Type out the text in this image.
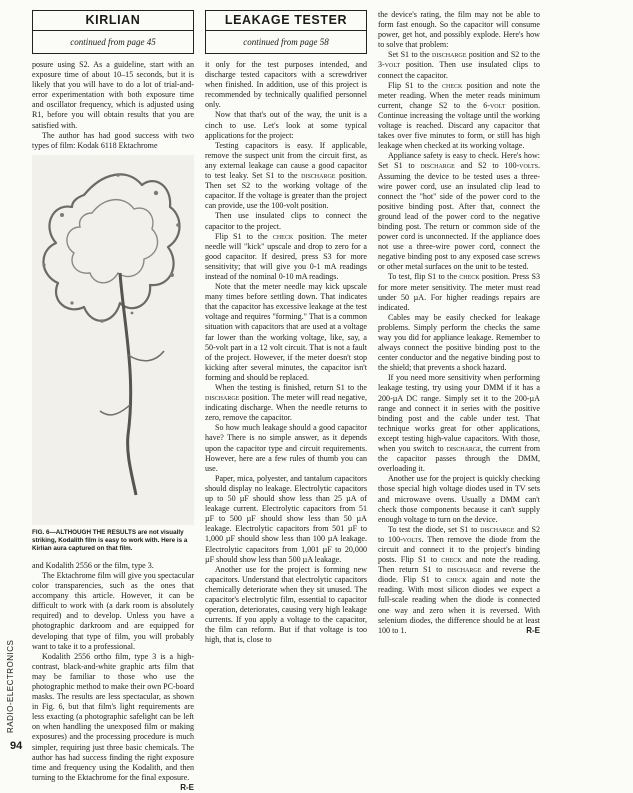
KIRLIAN
continued from page 45

posure using S2. As a guideline, start with an exposure time of about 10–15 seconds, but it is likely that you will have to do a lot of trial-and-error experimentation with both exposure time and oscillator frequency, which is adjusted using R1, before you will obtain results that you are satisfied with.

The author has had good success with two types of film: Kodak 6118 Ektachrome

FIG. 6—ALTHOUGH THE RESULTS are not visually striking, Kodalith film is easy to work with. Here is a Kirlian aura captured on that film.

and Kodalith 2556 or the film, type 3.

The Ektachrome film will give you spectacular color transparencies, such as the ones that accompany this article. However, it can be difficult to work with (a dark room is absolutely required) and to develop. Unless you have a photographic darkroom and are equipped for developing that type of film, you will probably want to take it to a professional.

Kodalith 2556 ortho film, type 3 is a high-contrast, black-and-white graphic arts film that may be familiar to those who use the photographic method to make their own PC-board masks. The results are less spectacular, as shown in Fig. 6, but that film's light requirements are less exacting (a photographic safelight can be left on when handling the unexposed film or making exposures) and the processing procedure is much simpler, requiring just three basic chemicals. The author has had success finding the right exposure time and frequency using the Kodalith, and then turning to the Ektachrome for the final exposure.
R-E

LEAKAGE TESTER
continued from page 58

it only for the test purposes intended, and discharge tested capacitors with a screwdriver when finished. In addition, use of this project is recommended by technically qualified personnel only.

Now that that's out of the way, the unit is a cinch to use. Let's look at some typical applications for the project:

Testing capacitors is easy. If applicable, remove the suspect unit from the circuit first, as any external leakage can cause a good capacitor to test leaky. Set S1 to the discharge position. Then set S2 to the working voltage of the capacitor. If the voltage is greater than the project can provide, use the 100-volt position.

Then use insulated clips to connect the capacitor to the project.

Flip S1 to the check position. The meter needle will "kick" upscale and drop to zero for a good capacitor. If desired, press S3 for more sensitivity; that will give you 0-1 mA readings instead of the nominal 0-10 mA readings.

Note that the meter needle may kick upscale many times before settling down. That indicates that the capacitor has excessive leakage at the test voltage and requires "forming." That is a common situation with capacitors that are used at a voltage far lower than the working voltage, like, say, a 50-volt part in a 12 volt circuit. That is not a fault of the project. However, if the meter doesn't stop kicking after several minutes, the capacitor isn't forming and should be replaced.

When the testing is finished, return S1 to the discharge position. The meter will read negative, indicating discharge. When the needle returns to zero, remove the capacitor.

So how much leakage should a good capacitor have? There is no simple answer, as it depends upon the capacitor type and circuit requirements. However, here are a few rules of thumb you can use.

Paper, mica, polyester, and tantalum capacitors should display no leakage. Electrolytic capacitors up to 50 µF should show less than 25 µA of leakage current. Electrolytic capacitors from 51 µF to 500 µF should show less than 50 µA leakage. Electrolytic capacitors from 501 µF to 1,000 µF should show less than 100 µA leakage. Electrolytic capacitors from 1,001 µF to 20,000 µF should show less than 500 µA leakage.

Another use for the project is forming new capacitors. Understand that electrolytic capacitors chemically deteriorate when they sit unused. The capacitor's electrolytic film, essential to capacitor operation, deteriorates, causing very high leakage currents. If you apply a voltage to the capacitor, the film can reform. But if that voltage is too high, that is, close to

the device's rating, the film may not be able to form fast enough. So the capacitor will consume power, get hot, and possibly explode. Here's how to solve that problem:

Set S1 to the discharge position and S2 to the 3-volt position. Then use insulated clips to connect the capacitor.

Flip S1 to the check position and note the meter reading. When the meter reads minimum current, change S2 to the 6-volt position. Continue increasing the voltage until the working voltage is reached. Discard any capacitor that takes over five minutes to form, or still has high leakage when checked at its working voltage.

Appliance safety is easy to check. Here's how: Set S1 to discharge and S2 to 100-volts. Assuming the device to be tested uses a three-wire power cord, use an insulated clip lead to connect the "hot" side of the power cord to the positive binding post. After that, connect the ground lead of the power cord to the negative binding post. The return or common side of the power cord is unconnected. If the appliance does not use a three-wire power cord, connect the negative binding post to any exposed case screws or other metal surfaces on the unit to be tested.

To test, flip S1 to the check position. Press S3 for more meter sensitivity. The meter must read under 50 µA. For higher readings repairs are indicated.

Cables may be easily checked for leakage problems. Simply perform the checks the same way you did for appliance leakage. Remember to always connect the positive binding post to the center conductor and the negative binding post to the shield; that prevents a shock hazard.

If you need more sensitivity when performing leakage testing, try using your DMM if it has a 200-µA DC range. Simply set it to the 200-µA range and connect it in series with the positive binding post and the cable under test. That technique works great for other applications, except testing high-value capacitors. With those, when you switch to discharge, the current from the capacitor passes through the DMM, overloading it.

Another use for the project is quickly checking those special high voltage diodes used in TV sets and microwave ovens. Usually a DMM can't check those components because it can't supply enough voltage to turn on the device.

To test the diode, set S1 to discharge and S2 to 100-volts. Then remove the diode from the circuit and connect it to the project's binding posts. Flip S1 to check and note the reading. Then return S1 to discharge and reverse the diode. Flip S1 to check again and note the reading. With most silicon diodes we expect a full-scale reading when the diode is connected one way and zero when it is reversed. With selenium diodes, the difference should be at least 100 to 1.	R-E

RADIO-ELECTRONICS
94
